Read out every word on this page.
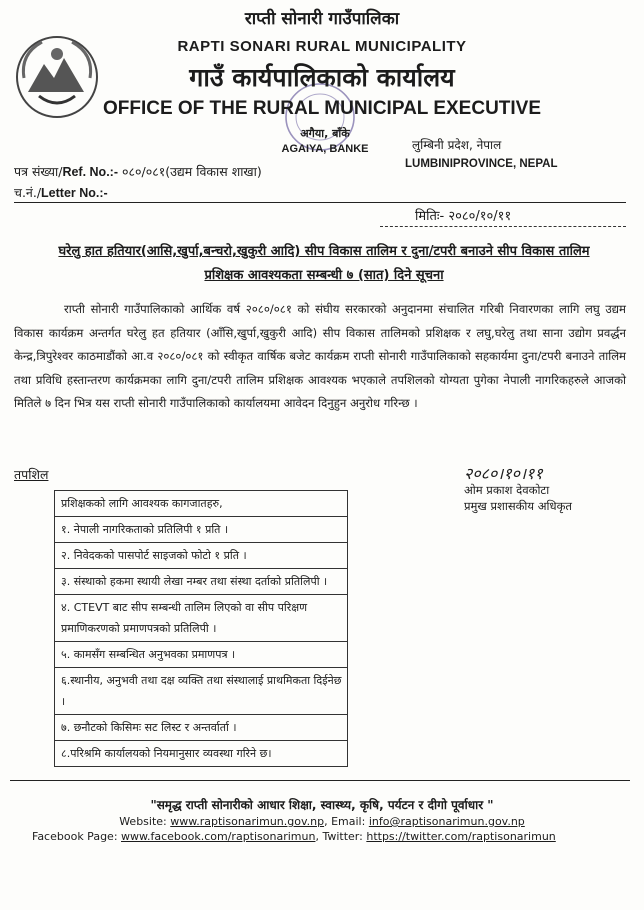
राप्ती सोनारी गाउँपालिका
RAPTI SONARI RURAL MUNICIPALITY
गाउँ कार्यपालिकाको कार्यालय
OFFICE OF THE RURAL MUNICIPAL EXECUTIVE
अगैया, बाँके
AGAIYA, BANKE	लुम्बिनी प्रदेश, नेपाल
LUMBINIPROVINCE, NEPAL
पत्र संख्या/Ref. No.:- ०८०/०८१(उद्यम विकास शाखा)
च.नं./Letter No.:-
मितिः- २०८०/१०/११
घरेलु हात हतियार(आसि,खुर्पा,बन्चरो,खुकुरी आदि) सीप विकास तालिम र दुना/टपरी बनाउने सीप विकास तालिम प्रशिक्षक आवश्यकता सम्बन्धी ७ (सात) दिने सूचना
राप्ती सोनारी गाउँपालिकाको आर्थिक वर्ष २०८०/०८१ को संघीय सरकारको अनुदानमा संचालित गरिबी निवारणका लागि लघु उद्यम विकास कार्यक्रम अन्तर्गत घरेलु हत हतियार (आँसि,खुर्पा,खुकुरी आदि) सीप विकास तालिमको प्रशिक्षक र लघु,घरेलु तथा साना उद्योग प्रवर्द्धन केन्द्र,त्रिपुरेश्वर काठमाडौंको आ.व २०८०/०८१ को स्वीकृत वार्षिक बजेट कार्यक्रम राप्ती सोनारी गाउँपालिकाको सहकार्यमा दुना/टपरी बनाउने तालिम तथा प्रविधि हस्तान्तरण कार्यक्रमका लागि दुना/टपरी तालिम प्रशिक्षक आवश्यक भएकाले तपशिलको योग्यता पुगेका नेपाली नागरिकहरुले आजको मितिले ७ दिन भित्र यस राप्ती सोनारी गाउँपालिकाको कार्यालयमा आवेदन दिनुहुन अनुरोध गरिन्छ ।
तपशिल	२०८०।१०।११
ओम प्रकाश देवकोटा
प्रमुख प्रशासकीय अधिकृत
प्रशिक्षकको लागि आवश्यक कागजातहरु,
१. नेपाली नागरिकताको प्रतिलिपी १ प्रति ।
२. निवेदकको पासपोर्ट साइजको फोटो १ प्रति ।
३. संस्थाको हकमा स्थायी लेखा नम्बर तथा संस्था दर्ताको प्रतिलिपी ।
४. CTEVT बाट सीप सम्बन्धी तालिम लिएको वा सीप परिक्षण प्रमाणिकरणको प्रमाणपत्रको प्रतिलिपी ।
५. कामसँग सम्बन्धित अनुभवका प्रमाणपत्र ।
६.स्थानीय, अनुभवी तथा दक्ष व्यक्ति तथा संस्थालाई प्राथमिकता दिईनेछ ।
७. छनौटको किसिमः सट लिस्ट र अन्तर्वार्ता ।
८.परिश्रमि कार्यालयको नियमानुसार व्यवस्था गरिने छ।
"समृद्ध राप्ती सोनारीको आधार शिक्षा, स्वास्थ्य, कृषि, पर्यटन र दीगो पूर्वाधार "
Website: www.raptisonarimun.gov.np, Email: info@raptisonarimun.gov.np
Facebook Page: www.facebook.com/raptisonarimun, Twitter: https://twitter.com/raptisonarimun
